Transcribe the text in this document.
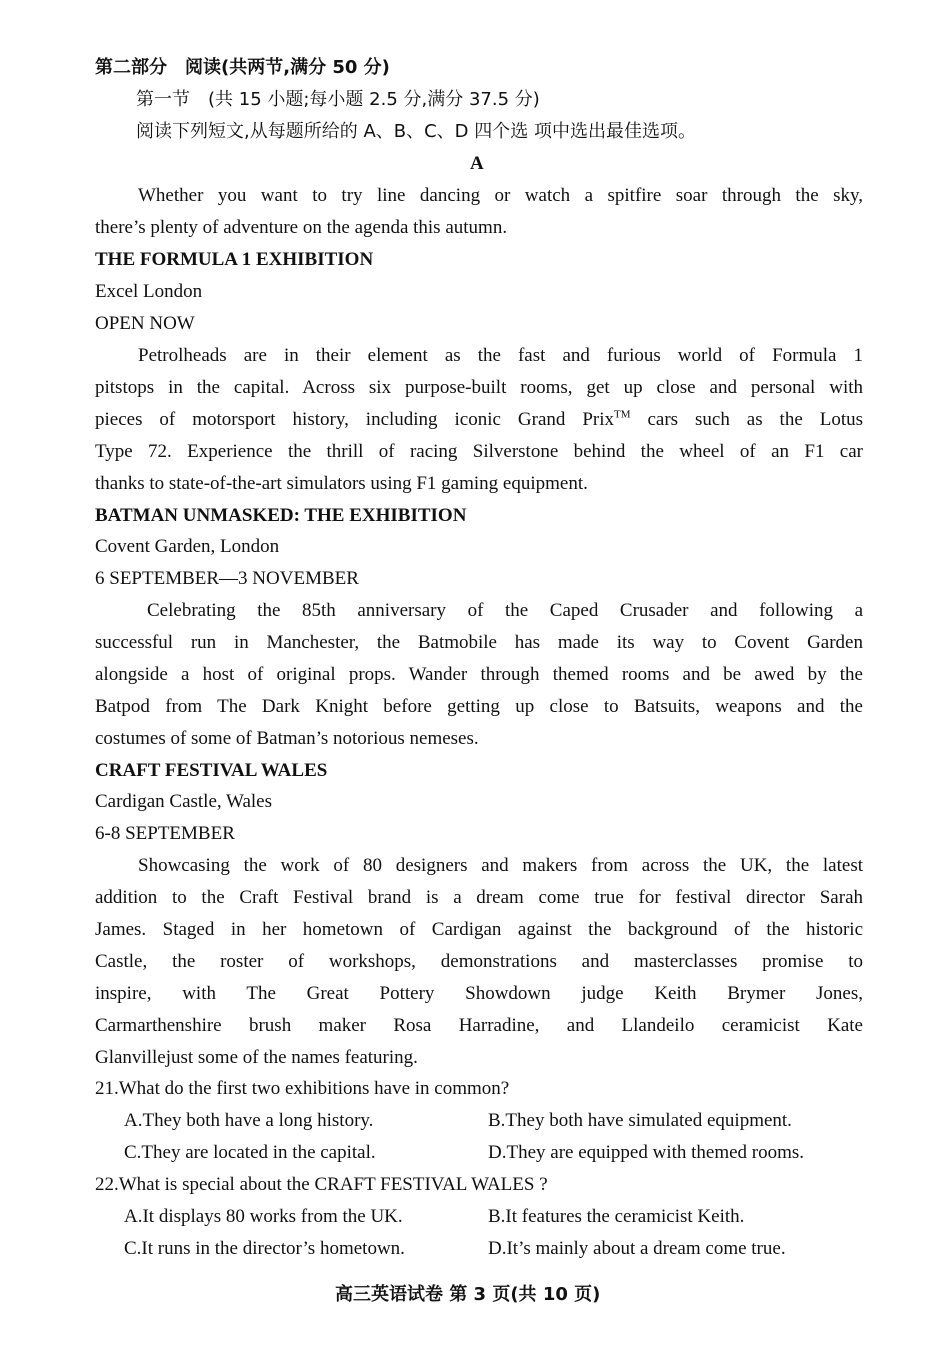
第二部分　阅读(共两节,满分 50 分)
第一节　(共 15 小题;每小题 2.5 分,满分 37.5 分)
阅读下列短文,从每题所给的 A、B、C、D 四个选 项中选出最佳选项。
A
Whether you want to try line dancing or watch a spitfire soar through the sky,
there’s plenty of adventure on the agenda this autumn.
THE FORMULA 1 EXHIBITION
Excel London
OPEN NOW
Petrolheads are in their element as the fast and furious world of Formula 1
pitstops in the capital. Across six purpose-built rooms, get up close and personal with
pieces of motorsport history, including iconic Grand Prix™ cars such as the Lotus
Type 72. Experience the thrill of racing Silverstone behind the wheel of an F1 car
thanks to state-of-the-art simulators using F1 gaming equipment.
BATMAN UNMASKED: THE EXHIBITION
Covent Garden, London
6 SEPTEMBER—3 NOVEMBER
Celebrating the 85th anniversary of the Caped Crusader and following a
successful run in Manchester, the Batmobile has made its way to Covent Garden
alongside a host of original props. Wander through themed rooms and be awed by the
Batpod from The Dark Knight before getting up close to Batsuits, weapons and the
costumes of some of Batman’s notorious nemeses.
CRAFT FESTIVAL WALES
Cardigan Castle, Wales
6-8 SEPTEMBER
Showcasing the work of 80 designers and makers from across the UK, the latest
addition to the Craft Festival brand is a dream come true for festival director Sarah
James. Staged in her hometown of Cardigan against the background of the historic
Castle, the roster of workshops, demonstrations and masterclasses promise to
inspire, with The Great Pottery Showdown judge Keith Brymer Jones,
Carmarthenshire brush maker Rosa Harradine, and Llandeilo ceramicist Kate
Glanvillejust some of the names featuring.
21.What do the first two exhibitions have in common?
A.They both have a long history.	B.They both have simulated equipment.
C.They are located in the capital.	D.They are equipped with themed rooms.
22.What is special about the CRAFT FESTIVAL WALES ?
A.It displays 80 works from the UK.	B.It features the ceramicist Keith.
C.It runs in the director’s hometown.	D.It’s mainly about a dream come true.
高三英语试卷 第 3 页(共 10 页)
